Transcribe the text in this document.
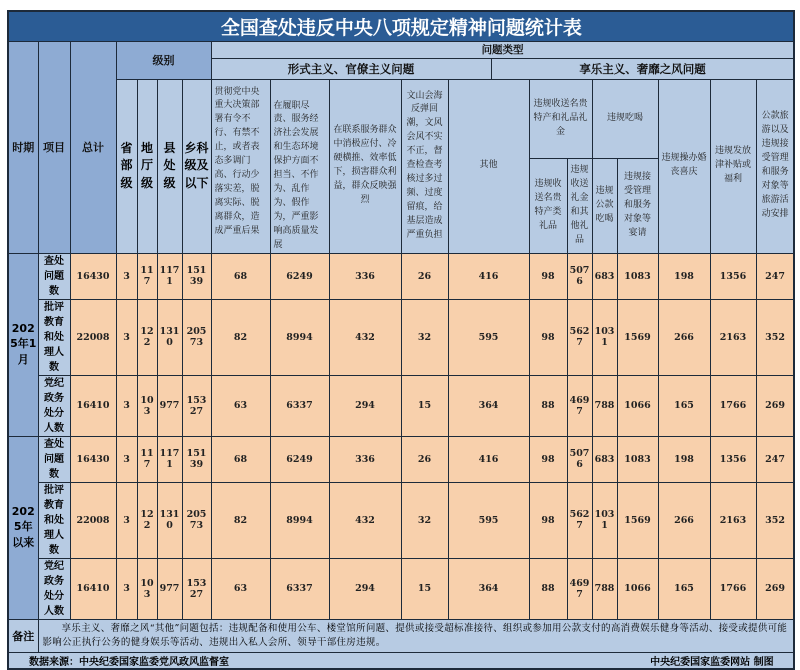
全国查处违反中央八项规定精神问题统计表																				
时期	项目	总计	级别				问题类型													
							形式主义、官僚主义问题					享乐主义、奢靡之风问题								
			省部级	地厅级	县处级	乡科级及以下	贯彻党中央重大决策部署有令不行、有禁不止，或者表态多调门高、行动少落实差，脱离实际、脱离群众，造成严重后果	在履职尽责、服务经济社会发展和生态环境保护方面不担当、不作为、乱作为、假作为，严重影响高质量发展	在联系服务群众中消极应付、冷硬横推、效率低下，损害群众利益，群众反映强烈	文山会海反弹回潮，文风会风不实不正，督查检查考核过多过频、过度留痕，给基层造成严重负担	其他		违规收送名贵特产和礼品礼金		违规吃喝		违规操办婚丧喜庆	违规发放津补贴或福利	公款旅游以及违规接受管理和服务对象等旅游活动安排	
													违规收送名贵特产类礼品	违规收送礼金和其他礼品	违规公款吃喝	违规接受管理和服务对象等宴请				
2025年1月	查处问题数	16430	3	117	1171	15139	68	6249	336	26	416		98	5076	683	1083	198	1356	247	
	批评教育和处理人数	22008	3	122	1310	20573	82	8994	432	32	595		98	5627	1031	1569	266	2163	352	
	党纪政务处分人数	16410	3	103	977	15327	63	6337	294	15	364		88	4697	788	1066	165	1766	269	
2025年以来	查处问题数	16430	3	117	1171	15139	68	6249	336	26	416		98	5076	683	1083	198	1356	247	
	批评教育和处理人数	22008	3	122	1310	20573	82	8994	432	32	595		98	5627	1031	1569	266	2163	352	
	党纪政务处分人数	16410	3	103	977	15327	63	6337	294	15	364		88	4697	788	1066	165	1766	269	
备注	享乐主义、奢靡之风“其他”问题包括：违规配备和使用公车、楼堂馆所问题、提供或接受超标准接待、组织或参加用公款支付的高消费娱乐健身等活动、接受或提供可能影响公正执行公务的健身娱乐等活动、违规出入私人会所、领导干部住房违规。																			

数据来源：中央纪委国家监委党风政风监督室 中央纪委国家监委网站 制图																				
